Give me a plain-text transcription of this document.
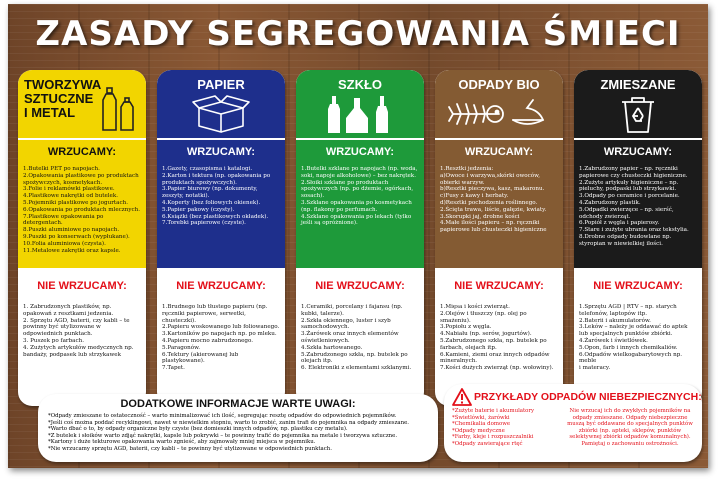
ZASADY SEGREGOWANIA ŚMIECI
TWORZYWA SZTUCZNE I METAL
WRZUCAMY:
1.Butelki PET po napojach.
2.Opakowania plastikowe po produktach spożywczych, kosmetykach.
3.Folie i reklamówki plastikowe.
4.Plastikowe nakrętki od butelek.
5.Pojemniki plastikowe po jogurtach.
6.Opakowania po produktach mlecznych.
7.Plastikowe opakowania po detergentach.
8.Puszki aluminiowe po napojach.
9.Puszki po konserwach (wypłukane).
10.Folia aluminiowa (czysta).
11.Metalowe zakrętki oraz kapsle.
NIE WRZUCAMY:
1. Zabrudzonych plastików, np. opakowań z resztkami jedzenia.
2. Sprzętu AGD, baterii, czy kabli – te powinny być utylizowane w odpowiednich punktach.
3. Puszek po farbach.
4. Zużytych artykułów medycznych np. bandaży, podpasek lub strzykawek
PAPIER
WRZUCAMY:
1.Gazety, czasopisma i katalogi.
2.Karton i tektura (np. opakowania po produktach spożywczych).
3.Papier biurowy (np. dokumenty, zeszyty, notatki).
4.Koperty (bez foliowych okienek).
5.Papier pakowy (czysty).
6.Książki (bez plastikowych okładek).
7.Torebki papierowe (czyste).
NIE WRZUCAMY:
1.Brudnego lub tłustego papieru (np. ręczniki papierowe, serwetki, chusteczki).
2.Papieru woskowanego lub foliowanego.
3.Kartoników po napojach np. po mleku.
4.Papieru mocno zabrudzonego.
5.Paragonów.
6.Tektury (akierowanej lub plastykowane).
7.Tapet.
SZKŁO
WRZUCAMY:
1.Butelki szklane po napojach (np. woda, soki, napoje alkoholowe) – bez nakrętek.
2.Słoiki szklane po produktach spożywczych (np. po dżemie, ogórkach, sosach).
3.Szklane opakowania po kosmetykach (np. flakony po perfumach.
4.Szklane opakowania po lekach (tylko jeśli są opróżnione).
NIE WRZUCAMY:
1.Ceramiki, porcelany i fajansu (np. kubki, talerze).
2.Szkła okiennego, luster i szyb samochodowych.
3.Żarówek oraz innych elementów oświetleniowych.
4.Szkła hartowanego.
5.Zabrudzonego szkła, np. butelek po olejach itp.
6. Elektroniki z elementami szklanymi.
ODPADY BIO
WRZUCAMY:
1.Resztki jedzenia:
a)Owoce i warzywa,skórki owoców, obierki warzyw.
b)Resztki pieczywa, kasz, makaronu.
c)Fusy z kawy i herbaty.
d)Resztki pochodzenia roślinnego.
2.Ścięta trawa, liście, gałęzie, kwiaty.
3.Skorupki jaj, drobne kości
4.Małe ilości papieru – np. ręczniki papierowe lub chusteczki higieniczne
NIE WRZUCAMY:
1.Mięsa i kości zwierząt.
2.Olejów i tłuszczy (np. olej po smażeniu).
3.Popiołu z węgla.
4.Nabiału (np. serów, jogurtów).
5.Zabrudzonego szkła, np. butelek po farbach, olejach itp.
6.Kamieni, ziemi oraz innych odpadów mineralnych.
7.Kości dużych zwierząt (np. wołowiny).
ZMIESZANE
WRZUCAMY:
1.Zabrudzony papier – np. ręczniki papierowe czy chusteczki higieniczne.
2.Zużyte artykuły higieniczne – np. pieluchy, podpaski lub strzykawki.
3.Odpady po ceramice i porcelanie.
4.Zabrudzony plastik.
5.Odpadki zwierzęce – np. sierść, odchody zwierząt.
6.Popiół z węgla i papierosy.
7.Stare i zużyte ubrania oraz tekstylia.
8.Drobne odpady budowlane np. styropian w niewielkiej ilości.
NIE WRZUCAMY:
1.Sprzętu AGD | RTV – np. starych telefonów, laptopów itp.
2.Baterii i akumulatorów.
3.Leków – należy je oddawać do aptek lub specjalnych punktów zbiórki.
4.Żarówek i świetlówek.
5.Opon, farb i innych chemikaliów.
6.Odpadów wielkogabarytowych np. meble
i materacy.
DODATKOWE INFORMACJE WARTE UWAGI:
*Odpady zmieszane to ostateczność – warto minimalizować ich ilość, segregując resztę odpadów do odpowiednich pojemników.
*Jeśli coś można poddać recyklingowi, nawet w niewielkim stopniu, warto to zrobić, zanim trafi do pojemnika na odpady zmieszane.
*Warto dbać o to, by odpady organiczne były czyste (bez domieszki innych odpadów, np. plastiku czy metalu).
*Z butelek i słoików warto zdjąć nakrętki, kapsle lub pokrywki – te powinny trafić do pojemnika na metale i tworzywa sztuczne.
*Kartony i duże tekturowe opakowania warto zgnieść, aby zajmowały mniej miejsca w pojemniku.
*Nie wrzucamy sprzętu AGD, baterii, czy kabli – te powinny być utylizowane w odpowiednich punktach.
PRZYKŁADY ODPADÓW NIEBEZPIECZNYCH:
*Zużyte baterie i akumulatory
*Świetlówki, żarówki
*Chemikalia domowe
*Odpady medyczne
*Farby, kleje i rozpuszczalniki
*Odpady zawierające rtęć
Nie wrzucaj ich do zwykłych pojemników na odpady zmieszane. Odpady niebezpieczne muszą być oddawane do specjalnych punktów zbiórki (np. apteki, sklepów, punktów selektywnej zbiórki odpadów komunalnych). Pamiętaj o zachowaniu ostrożności.
